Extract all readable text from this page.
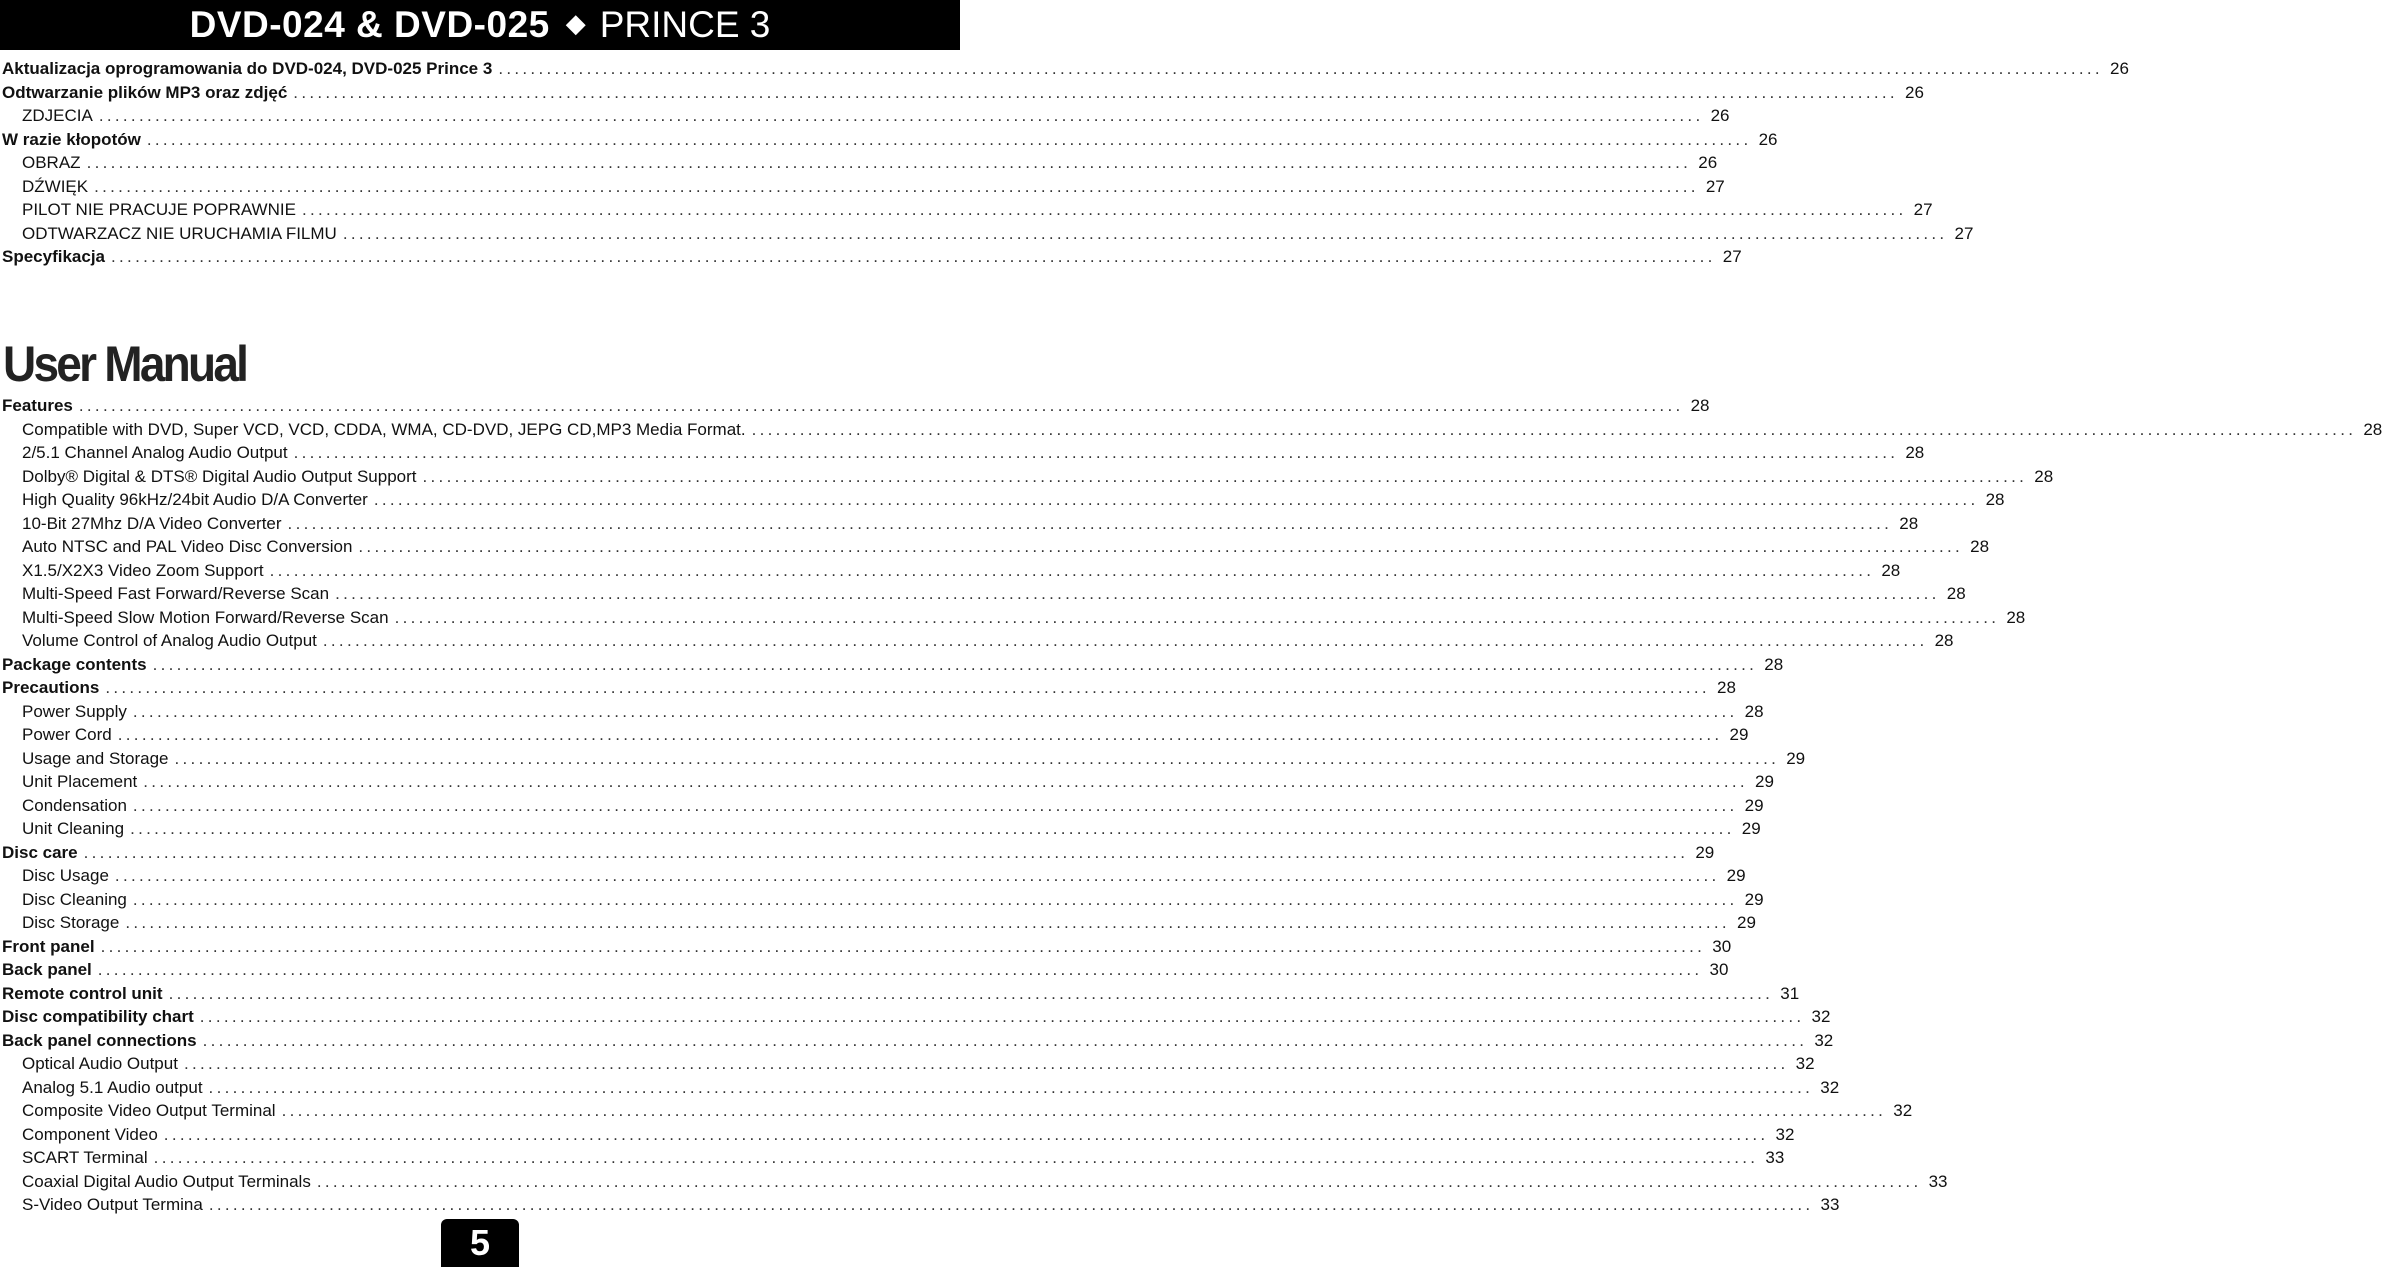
DVD-024 & DVD-025 ◆ PRINCE 3
Aktualizacja oprogramowania do DVD-024, DVD-025 Prince 3 ........................................................................................................................................................................................................ 26
Odtwarzanie plików MP3 oraz zdjęć ........................................................................................................................................................................................................ 26
ZDJECIA ........................................................................................................................................................................................................ 26
W razie kłopotów ........................................................................................................................................................................................................ 26
OBRAZ ........................................................................................................................................................................................................ 26
DŹWIĘK ........................................................................................................................................................................................................ 27
PILOT NIE PRACUJE POPRAWNIE ........................................................................................................................................................................................................ 27
ODTWARZACZ NIE URUCHAMIA FILMU ........................................................................................................................................................................................................ 27
Specyfikacja ........................................................................................................................................................................................................ 27
User Manual
Features ........................................................................................................................................................................................................ 28
Compatible with DVD, Super VCD, VCD, CDDA, WMA, CD-DVD, JEPG CD,MP3 Media Format. ........................................................................................................................................................................................................ 28
2/5.1 Channel Analog Audio Output ........................................................................................................................................................................................................ 28
Dolby® Digital & DTS® Digital Audio Output Support ........................................................................................................................................................................................................ 28
High Quality 96kHz/24bit Audio D/A Converter ........................................................................................................................................................................................................ 28
10-Bit 27Mhz D/A Video Converter ........................................................................................................................................................................................................ 28
Auto NTSC and PAL Video Disc Conversion ........................................................................................................................................................................................................ 28
X1.5/X2X3 Video Zoom Support ........................................................................................................................................................................................................ 28
Multi-Speed Fast Forward/Reverse Scan ........................................................................................................................................................................................................ 28
Multi-Speed Slow Motion Forward/Reverse Scan ........................................................................................................................................................................................................ 28
Volume Control of Analog Audio Output ........................................................................................................................................................................................................ 28
Package contents ........................................................................................................................................................................................................ 28
Precautions ........................................................................................................................................................................................................ 28
Power Supply ........................................................................................................................................................................................................ 28
Power Cord ........................................................................................................................................................................................................ 29
Usage and Storage ........................................................................................................................................................................................................ 29
Unit Placement ........................................................................................................................................................................................................ 29
Condensation ........................................................................................................................................................................................................ 29
Unit Cleaning ........................................................................................................................................................................................................ 29
Disc care ........................................................................................................................................................................................................ 29
Disc Usage ........................................................................................................................................................................................................ 29
Disc Cleaning ........................................................................................................................................................................................................ 29
Disc Storage ........................................................................................................................................................................................................ 29
Front panel ........................................................................................................................................................................................................ 30
Back panel ........................................................................................................................................................................................................ 30
Remote control unit ........................................................................................................................................................................................................ 31
Disc compatibility chart ........................................................................................................................................................................................................ 32
Back panel connections ........................................................................................................................................................................................................ 32
Optical Audio Output ........................................................................................................................................................................................................ 32
Analog 5.1 Audio output ........................................................................................................................................................................................................ 32
Composite Video Output Terminal ........................................................................................................................................................................................................ 32
Component Video ........................................................................................................................................................................................................ 32
SCART Terminal ........................................................................................................................................................................................................ 33
Coaxial Digital Audio Output Terminals ........................................................................................................................................................................................................ 33
S-Video Output Termina ........................................................................................................................................................................................................ 33
5
